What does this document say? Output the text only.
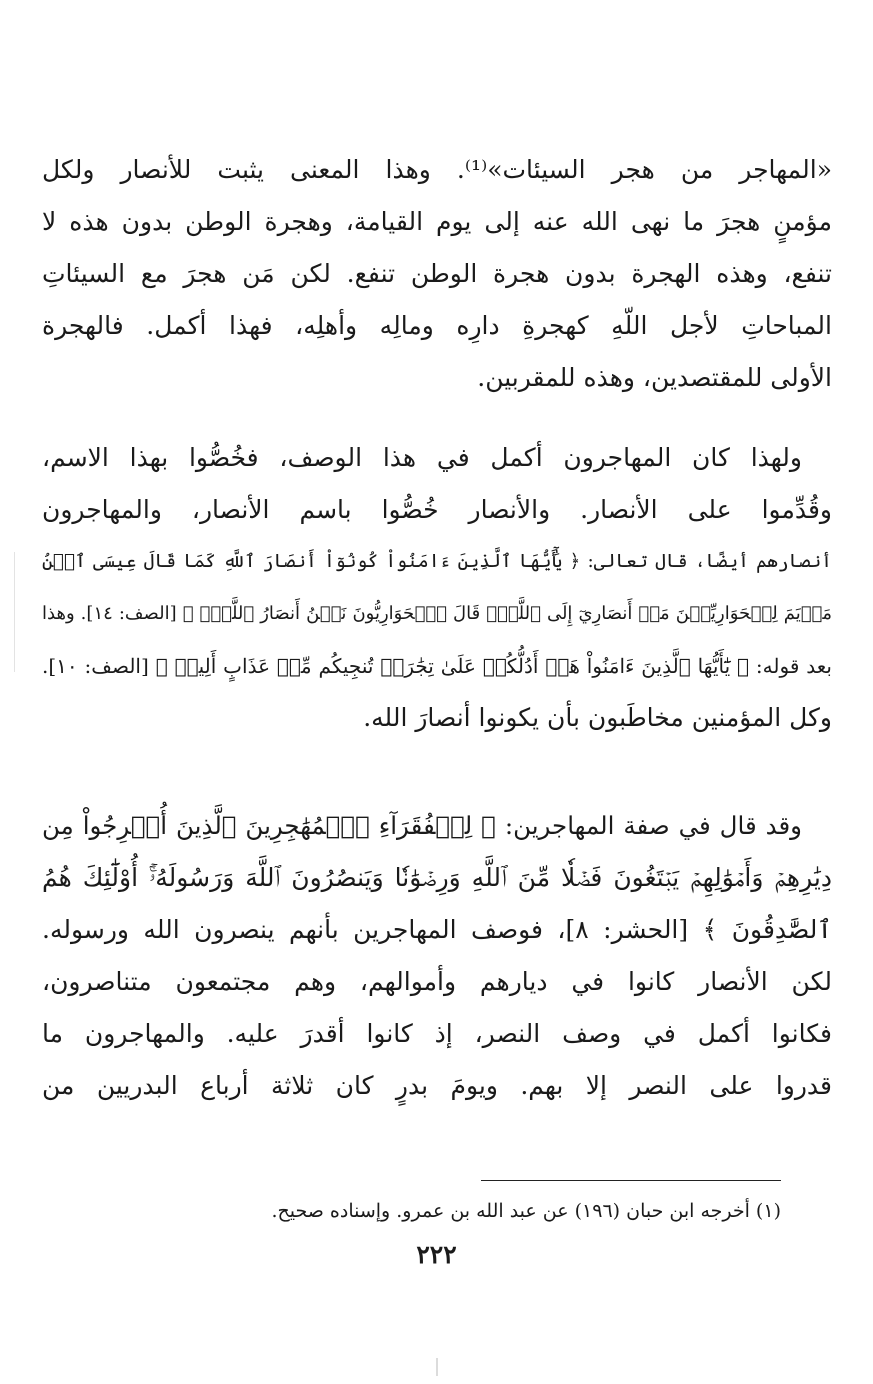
«المهاجر من هجر السيئات»⁽¹⁾. وهذا المعنى يثبت للأنصار ولكل
مؤمنٍ هجرَ ما نهى الله عنه إلى يوم القيامة، وهجرة الوطن بدون هذه لا
تنفع، وهذه الهجرة بدون هجرة الوطن تنفع. لكن مَن هجرَ مع السيئاتِ
المباحاتِ لأجل اللّهِ كهجرةِ دارِه ومالِه وأهلِه، فهذا أكمل. فالهجرة
الأولى للمقتصدين، وهذه للمقربين.
ولهذا كان المهاجرون أكمل في هذا الوصف، فخُصُّوا بهذا الاسم،
وقُدِّموا على الأنصار. والأنصار خُصُّوا باسم الأنصار، والمهاجرون
أنصارهم أيضًا، قال تعالى: ﴿ يَٰٓأَيُّهَا ٱلَّذِينَ ءَامَنُواْ كُونُوٓاْ أَنصَارَ ٱللَّهِ كَمَا قَالَ عِيسَى ٱبۡنُ
مَرۡيَمَ لِلۡحَوَارِيِّـۧنَ مَنۡ أَنصَارِيٓ إِلَى ٱللَّهِۖ قَالَ ٱلۡحَوَارِيُّونَ نَحۡنُ أَنصَارُ ٱللَّهِۖ ﴾ [الصف: ١٤]. وهذا
بعد قوله: ﴿ يَٰٓأَيُّهَا ٱلَّذِينَ ءَامَنُواْ هَلۡ أَدُلُّكُمۡ عَلَىٰ تِجَٰرَةٖ تُنجِيكُم مِّنۡ عَذَابٍ أَلِيمٖ ﴾ [الصف: ١٠].
وكل المؤمنين مخاطَبون بأن يكونوا أنصارَ الله.
وقد قال في صفة المهاجرين: ﴿ لِلۡفُقَرَآءِ ٱلۡمُهَٰجِرِينَ ٱلَّذِينَ أُخۡرِجُواْ مِن
دِيَٰرِهِمۡ وَأَمۡوَٰلِهِمۡ يَبۡتَغُونَ فَضۡلٗا مِّنَ ٱللَّهِ وَرِضۡوَٰنٗا وَيَنصُرُونَ ٱللَّهَ وَرَسُولَهُۥٓۚ أُوْلَٰٓئِكَ هُمُ
ٱلصَّٰدِقُونَ ﴾ [الحشر: ٨]، فوصف المهاجرين بأنهم ينصرون الله ورسوله.
لكن الأنصار كانوا في ديارهم وأموالهم، وهم مجتمعون متناصرون،
فكانوا أكمل في وصف النصر، إذ كانوا أقدرَ عليه. والمهاجرون ما
قدروا على النصر إلا بهم. ويومَ بدرٍ كان ثلاثة أرباع البدريين من
(١) أخرجه ابن حبان (١٩٦) عن عبد الله بن عمرو. وإسناده صحيح.
٢٢٢
